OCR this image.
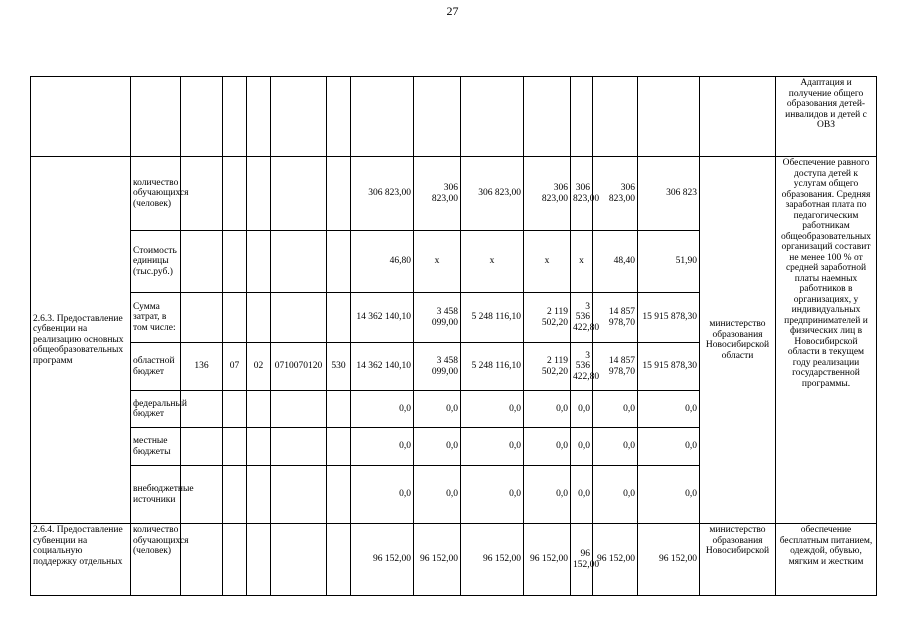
27
															Адаптация и получение общего образования детей-инвалидов и детей с ОВЗ
2.6.3. Предоставление субвенции на реализацию основных общеобразовательных программ	количество обучающихся (человек)						306 823,00	306 823,00	306 823,00	306 823,00	306 823,00	306 823,00	306 823	министерство образования Новосибирской области	Обеспечение равного доступа детей к услугам общего образования. Средняя заработная плата по педагогическим работникам общеобразовательных организаций составит не менее 100 % от средней заработной платы наемных работников в организациях, у индивидуальных предпринимателей и физических лиц в Новосибирской области в текущем году реализации государственной программы.
	Стоимость единицы (тыс.руб.)						46,80	х	х	х	х	48,40	51,90		
	Сумма затрат, в том числе:						14 362 140,10	3 458 099,00	5 248 116,10	2 119 502,20	3 536 422,80	14 857 978,70	15 915 878,30		
	областной бюджет	136	07	02	0710070120	530	14 362 140,10	3 458 099,00	5 248 116,10	2 119 502,20	3 536 422,80	14 857 978,70	15 915 878,30		
	федеральный бюджет						0,0	0,0	0,0	0,0	0,0	0,0	0,0		
	местные бюджеты						0,0	0,0	0,0	0,0	0,0	0,0	0,0		
	внебюджетные источники						0,0	0,0	0,0	0,0	0,0	0,0	0,0		
2.6.4. Предоставление субвенции на социальную поддержку отдельных	количество обучающихся (человек)						96 152,00	96 152,00	96 152,00	96 152,00	96 152,00	96 152,00	96 152,00	министерство образования Новосибирской	обеспечение бесплатным питанием, одеждой, обувью, мягким и жестким
